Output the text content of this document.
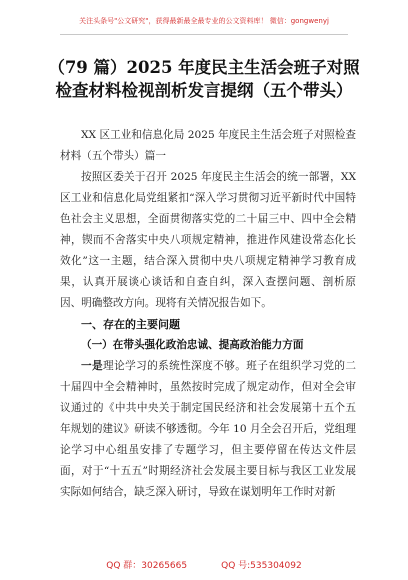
关注头条号"公文研究"，获得最新最全最专业的公文资料库！ 微信：gongwenyj
（79 篇）2025 年度民主生活会班子对照
检查材料检视剖析发言提纲（五个带头）

XX 区工业和信息化局 2025 年度民主生活会班子对照检查材料（五个带头）篇一

按照区委关于召开 2025 年度民主生活会的统一部署，XX 区工业和信息化局党组紧扣“深入学习贯彻习近平新时代中国特色社会主义思想，全面贯彻落实党的二十届三中、四中全会精神，锲而不舍落实中央八项规定精神，推进作风建设常态化长效化”这一主题，结合深入贯彻中央八项规定精神学习教育成果，认真开展谈心谈话和自查自纠，深入查摆问题、剖析原因、明确整改方向。现将有关情况报告如下。

一、存在的主要问题

（一）在带头强化政治忠诚、提高政治能力方面

一是理论学习的系统性深度不够。班子在组织学习党的二十届四中全会精神时，虽然按时完成了规定动作，但对全会审议通过的《中共中央关于制定国民经济和社会发展第十五个五年规划的建议》研读不够透彻。今年 10 月全会召开后，党组理论学习中心组虽安排了专题学习，但主要停留在传达文件层面，对于“十五五”时期经济社会发展主要目标与我区工业发展实际如何结合，缺乏深入研讨，导致在谋划明年工作时对新

QQ 群：30265665	QQ 号:535304092
